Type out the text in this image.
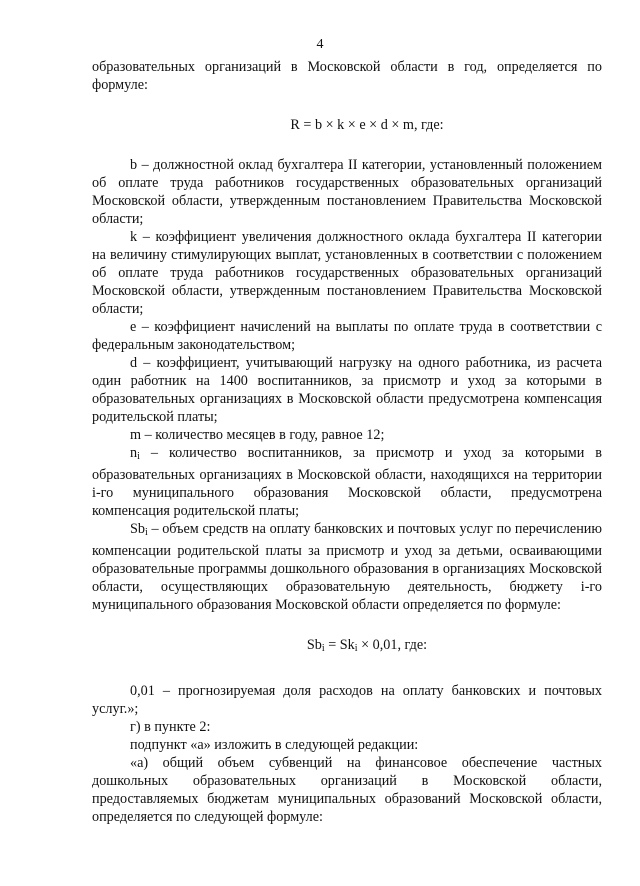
4

образовательных организаций в Московской области в год, определяется по формуле:

R = b × k × e × d × m, где:

b – должностной оклад бухгалтера II категории, установленный положением об оплате труда работников государственных образовательных организаций Московской области, утвержденным постановлением Правительства Московской области;

k – коэффициент увеличения должностного оклада бухгалтера II категории на величину стимулирующих выплат, установленных в соответствии с положением об оплате труда работников государственных образовательных организаций Московской области, утвержденным постановлением Правительства Московской области;

е – коэффициент начислений на выплаты по оплате труда в соответствии с федеральным законодательством;

d – коэффициент, учитывающий нагрузку на одного работника, из расчета один работник на 1400 воспитанников, за присмотр и уход за которыми в образовательных организациях в Московской области предусмотрена компенсация родительской платы;

m – количество месяцев в году, равное 12;

$n_i$ – количество воспитанников, за присмотр и уход за которыми в образовательных организациях в Московской области, находящихся на территории i-го муниципального образования Московской области, предусмотрена компенсация родительской платы;

$Sb_i$ – объем средств на оплату банковских и почтовых услуг по перечислению компенсации родительской платы за присмотр и уход за детьми, осваивающими образовательные программы дошкольного образования в организациях Московской области, осуществляющих образовательную деятельность, бюджету i-го муниципального образования Московской области определяется по формуле:

$Sb_i = Sk_i \times 0,01$, где:

0,01 – прогнозируемая доля расходов на оплату банковских и почтовых услуг.»;

г) в пункте 2:

подпункт «а» изложить в следующей редакции:

«а) общий объем субвенций на финансовое обеспечение частных дошкольных образовательных организаций в Московской области, предоставляемых бюджетам муниципальных образований Московской области, определяется по следующей формуле:
